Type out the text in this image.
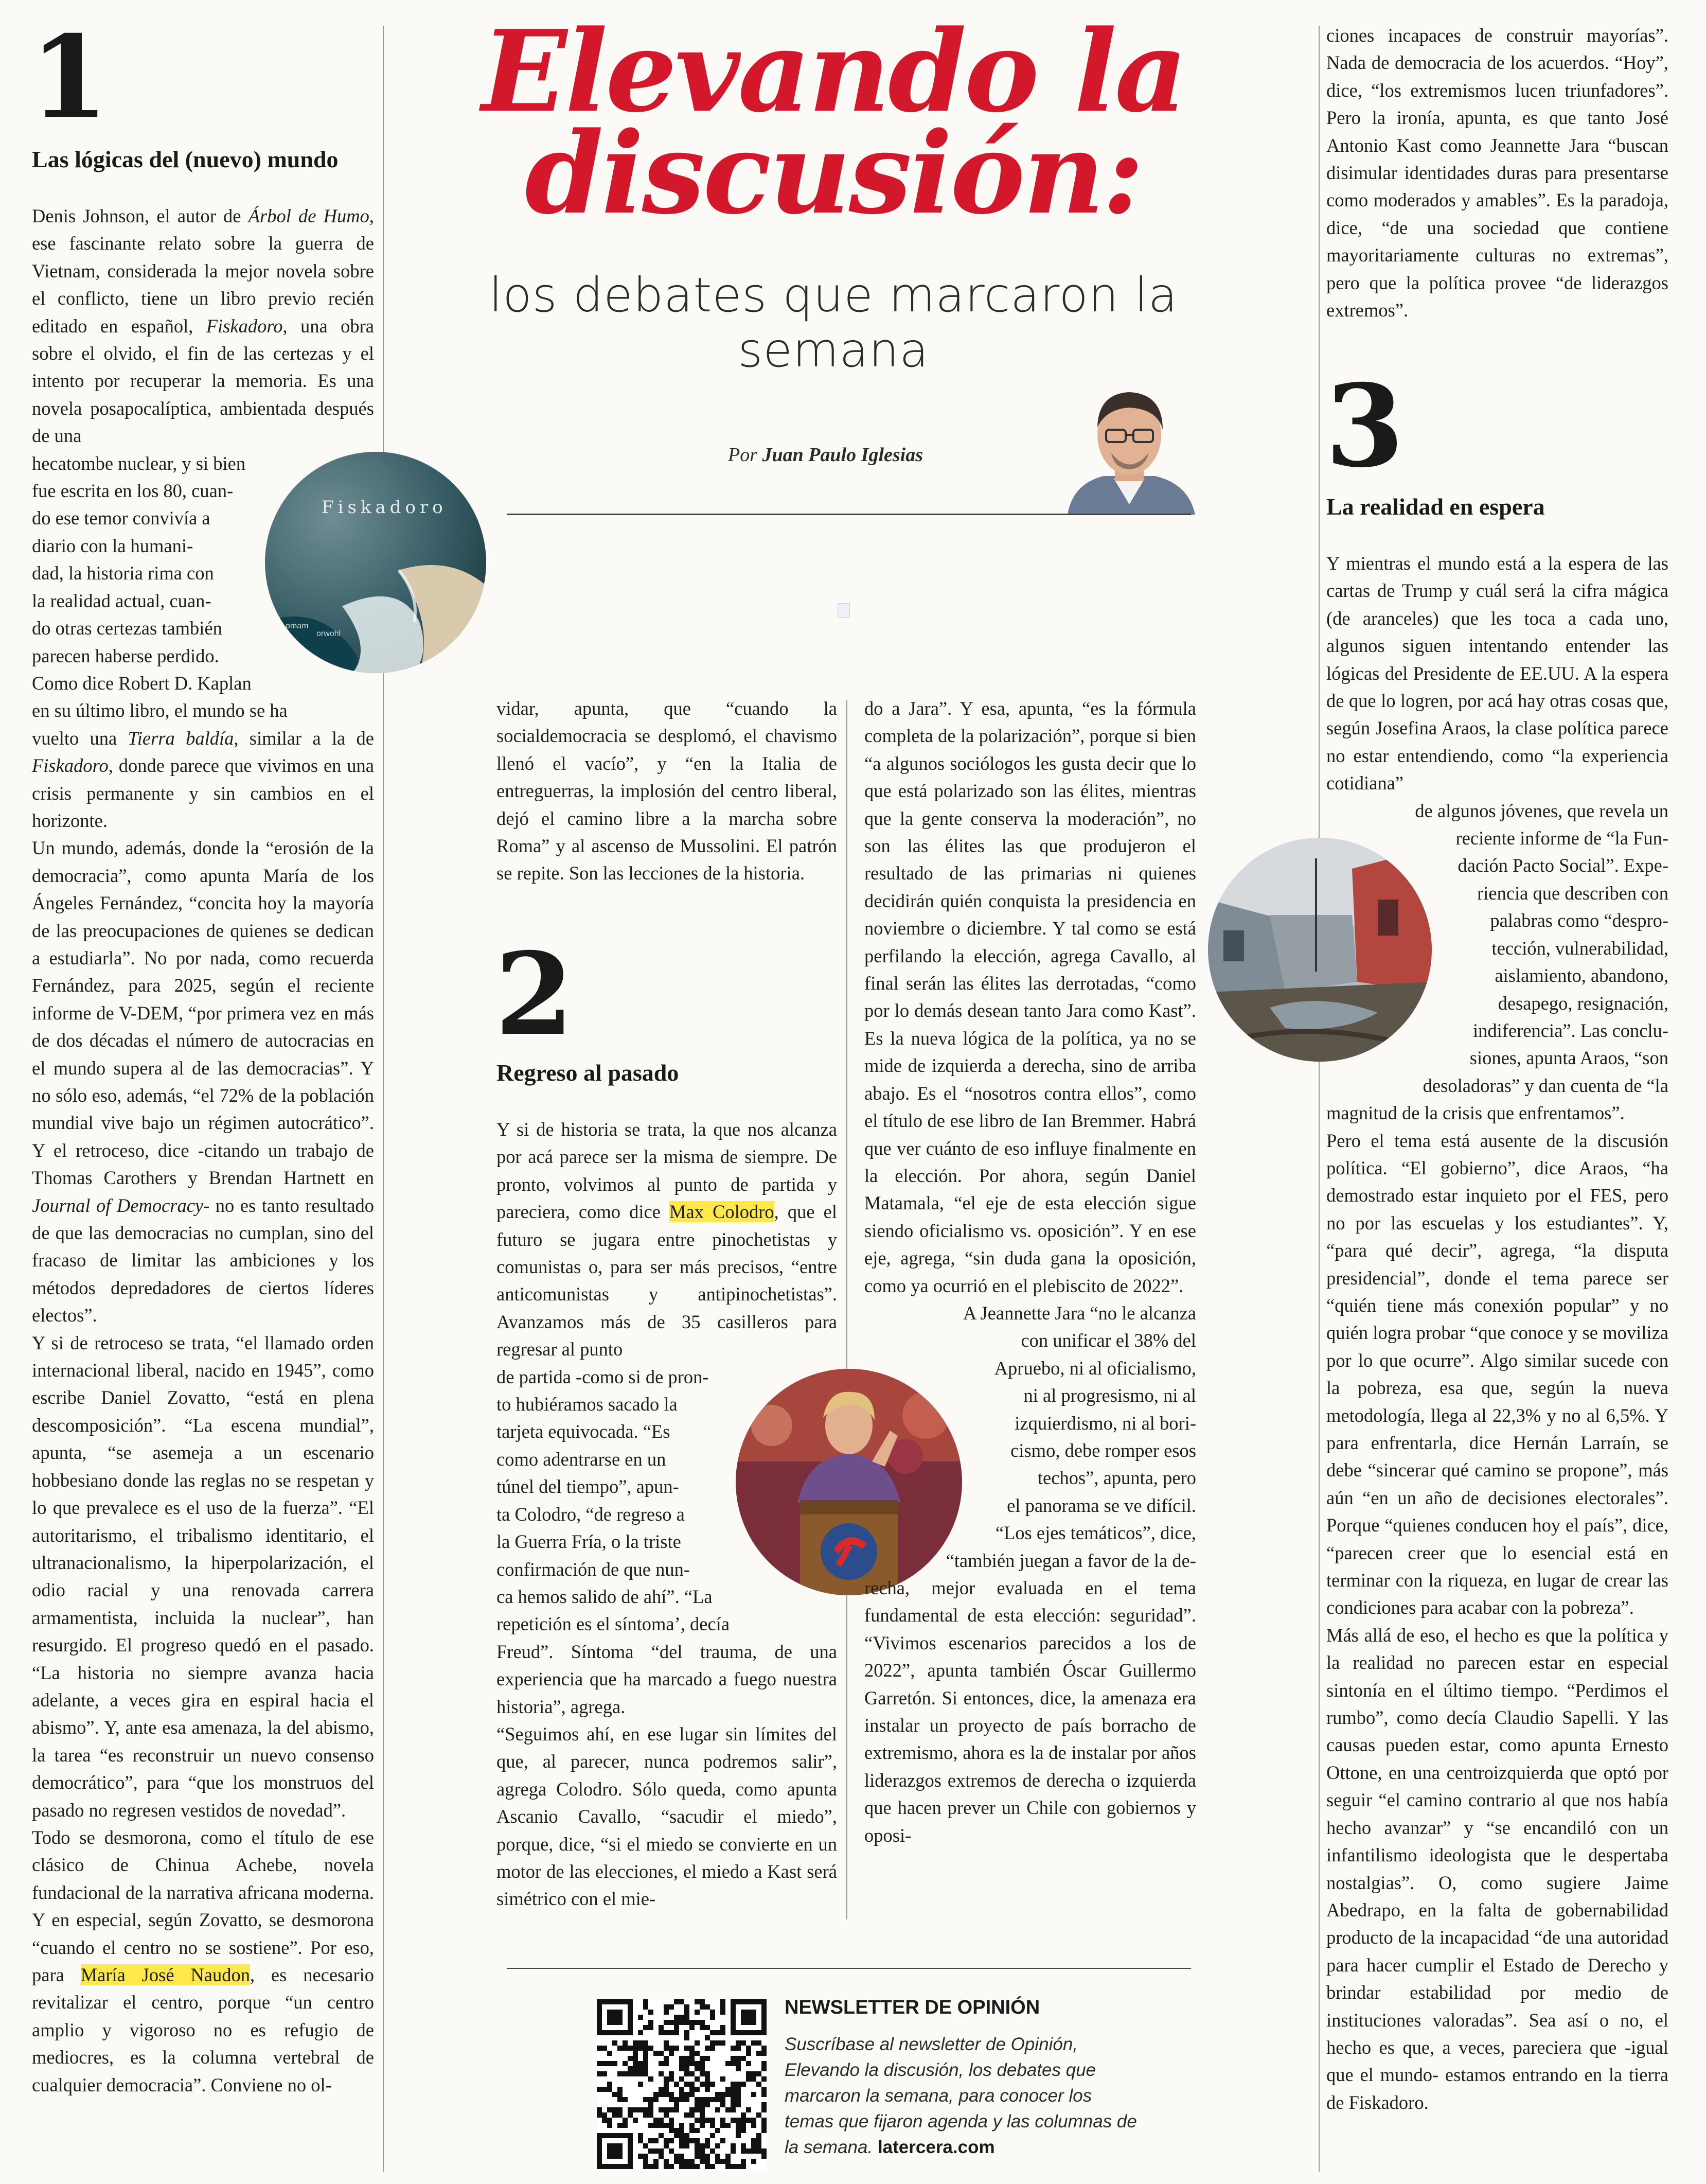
Elevando la
discusión:
los debates que marcaron la semana
Por Juan Paulo Iglesias
1
Las lógicas del (nuevo) mundo

Denis Johnson, el autor de Árbol de Humo, ese fascinante relato sobre la guerra de Vietnam, considerada la mejor novela sobre el conflicto, tiene un libro previo recién editado en español, Fiskadoro, una obra sobre el olvido, el fin de las certezas y el intento por recuperar la memoria. Es una novela posapocalíptica, ambientada después de una

hecatombe nuclear, y si bien
fue escrita en los 80, cuan-
do ese temor convivía a
diario con la humani-
dad, la historia rima con
la realidad actual, cuan-
do otras certezas también
parecen haberse perdido.
Como dice Robert D. Kaplan
en su último libro, el mundo se ha

vuelto una Tierra baldía, similar a la de Fiskadoro, donde parece que vivimos en una crisis permanente y sin cambios en el horizonte.

Un mundo, además, donde la “erosión de la democracia”, como apunta María de los Ángeles Fernández, “concita hoy la mayoría de las preocupaciones de quienes se dedican a estudiarla”. No por nada, como recuerda Fernández, para 2025, según el reciente informe de V-DEM, “por primera vez en más de dos décadas el número de autocracias en el mundo supera al de las democracias”. Y no sólo eso, además, “el 72% de la población mundial vive bajo un régimen autocrático”. Y el retroceso, dice -citando un trabajo de Thomas Carothers y Brendan Hartnett en Journal of Democracy- no es tanto resultado de que las democracias no cumplan, sino del fracaso de limitar las ambiciones y los métodos depredadores de ciertos líderes electos”.

Y si de retroceso se trata, “el llamado orden internacional liberal, nacido en 1945”, como escribe Daniel Zovatto, “está en plena descomposición”. “La escena mundial”, apunta, “se asemeja a un escenario hobbesiano donde las reglas no se respetan y lo que prevalece es el uso de la fuerza”. “El autoritarismo, el tribalismo identitario, el ultranacionalismo, la hiperpolarización, el odio racial y una renovada carrera armamentista, incluida la nuclear”, han resurgido. El progreso quedó en el pasado. “La historia no siempre avanza hacia adelante, a veces gira en espiral hacia el abismo”. Y, ante esa amenaza, la del abismo, la tarea “es reconstruir un nuevo consenso democrático”, para “que los monstruos del pasado no regresen vestidos de novedad”.

Todo se desmorona, como el título de ese clásico de Chinua Achebe, novela fundacional de la narrativa africana moderna. Y en especial, según Zovatto, se desmorona “cuando el centro no se sostiene”. Por eso, para María José Naudon, es necesario revitalizar el centro, porque “un centro amplio y vigoroso no es refugio de mediocres, es la columna vertebral de cualquier democracia”. Conviene no ol-

Fiskadoro
omam
orwohl

vidar, apunta, que “cuando la socialdemocracia se desplomó, el chavismo llenó el vacío”, y “en la Italia de entreguerras, la implosión del centro liberal, dejó el camino libre a la marcha sobre Roma” y al ascenso de Mussolini. El patrón se repite. Son las lecciones de la historia.

2
Regreso al pasado

Y si de historia se trata, la que nos alcanza por acá parece ser la misma de siempre. De pronto, volvimos al punto de partida y pareciera, como dice Max Colodro, que el futuro se jugara entre pinochetistas y comunistas o, para ser más precisos, “entre anticomunistas y antipinochetistas”. Avanzamos más de 35 casilleros para regresar al punto

de partida -como si de pron-
to hubiéramos sacado la
tarjeta equivocada. “Es
como adentrarse en un
túnel del tiempo”, apun-
ta Colodro, “de regreso a
la Guerra Fría, o la triste
confirmación de que nun-
ca hemos salido de ahí”. “La
repetición es el síntoma’, decía

Freud”. Síntoma “del trauma, de una experiencia que ha marcado a fuego nuestra historia”, agrega.

“Seguimos ahí, en ese lugar sin límites del que, al parecer, nunca podremos salir”, agrega Colodro. Sólo queda, como apunta Ascanio Cavallo, “sacudir el miedo”, porque, dice, “si el miedo se convierte en un motor de las elecciones, el miedo a Kast será simétrico con el mie-

do a Jara”. Y esa, apunta, “es la fórmula completa de la polarización”, porque si bien “a algunos sociólogos les gusta decir que lo que está polarizado son las élites, mientras que la gente conserva la moderación”, no son las élites las que produjeron el resultado de las primarias ni quienes decidirán quién conquista la presidencia en noviembre o diciembre. Y tal como se está perfilando la elección, agrega Cavallo, al final serán las élites las derrotadas, “como por lo demás desean tanto Jara como Kast”. Es la nueva lógica de la política, ya no se mide de izquierda a derecha, sino de arriba abajo. Es el “nosotros contra ellos”, como el título de ese libro de Ian Bremmer. Habrá que ver cuánto de eso influye finalmente en la elección. Por ahora, según Daniel Matamala, “el eje de esta elección sigue siendo oficialismo vs. oposición”. Y en ese eje, agrega, “sin duda gana la oposición, como ya ocurrió en el plebiscito de 2022”.

A Jeannette Jara “no le alcanza
con unificar el 38% del
Apruebo, ni al oficialismo,
ni al progresismo, ni al
izquierdismo, ni al bori-
cismo, debe romper esos
techos”, apunta, pero
el panorama se ve difícil.
“Los ejes temáticos”, dice,
“también juegan a favor de la de-

recha, mejor evaluada en el tema fundamental de esta elección: seguridad”. “Vivimos escenarios parecidos a los de 2022”, apunta también Óscar Guillermo Garretón. Si entonces, dice, la amenaza era instalar un proyecto de país borracho de extremismo, ahora es la de instalar por años liderazgos extremos de derecha o izquierda que hacen prever un Chile con gobiernos y oposi-

ciones incapaces de construir mayorías”. Nada de democracia de los acuerdos. “Hoy”, dice, “los extremismos lucen triunfadores”. Pero la ironía, apunta, es que tanto José Antonio Kast como Jeannette Jara “buscan disimular identidades duras para presentarse como moderados y amables”. Es la paradoja, dice, “de una sociedad que contiene mayoritariamente culturas no extremas”, pero que la política provee “de liderazgos extremos”.

3
La realidad en espera

Y mientras el mundo está a la espera de las cartas de Trump y cuál será la cifra mágica (de aranceles) que les toca a cada uno, algunos siguen intentando entender las lógicas del Presidente de EE.UU. A la espera de que lo logren, por acá hay otras cosas que, según Josefina Araos, la clase política parece no estar entendiendo, como “la experiencia cotidiana”

de algunos jóvenes, que revela un
reciente informe de “la Fun-
dación Pacto Social”. Expe-
riencia que describen con
palabras como “despro-
tección, vulnerabilidad,
aislamiento, abandono,
desapego, resignación,
indiferencia”. Las conclu-
siones, apunta Araos, “son
desoladoras” y dan cuenta de “la

magnitud de la crisis que enfrentamos”.

Pero el tema está ausente de la discusión política. “El gobierno”, dice Araos, “ha demostrado estar inquieto por el FES, pero no por las escuelas y los estudiantes”. Y, “para qué decir”, agrega, “la disputa presidencial”, donde el tema parece ser “quién tiene más conexión popular” y no quién logra probar “que conoce y se moviliza por lo que ocurre”. Algo similar sucede con la pobreza, esa que, según la nueva metodología, llega al 22,3% y no al 6,5%. Y para enfrentarla, dice Hernán Larraín, se debe “sincerar qué camino se propone”, más aún “en un año de decisiones electorales”. Porque “quienes conducen hoy el país”, dice, “parecen creer que lo esencial está en terminar con la riqueza, en lugar de crear las condiciones para acabar con la pobreza”.

Más allá de eso, el hecho es que la política y la realidad no parecen estar en especial sintonía en el último tiempo. “Perdimos el rumbo”, como decía Claudio Sapelli. Y las causas pueden estar, como apunta Ernesto Ottone, en una centroizquierda que optó por seguir “el camino contrario al que nos había hecho avanzar” y “se encandiló con un infantilismo ideologista que le despertaba nostalgias”. O, como sugiere Jaime Abedrapo, en la falta de gobernabilidad producto de la incapacidad “de una autoridad para hacer cumplir el Estado de Derecho y brindar estabilidad por medio de instituciones valoradas”. Sea así o no, el hecho es que, a veces, pareciera que -igual que el mundo- estamos entrando en la tierra de Fiskadoro.

NEWSLETTER DE OPINIÓN
Suscríbase al newsletter de Opinión, Elevando la discusión, los debates que marcaron la semana, para conocer los temas que fijaron agenda y las columnas de la semana. latercera.com
